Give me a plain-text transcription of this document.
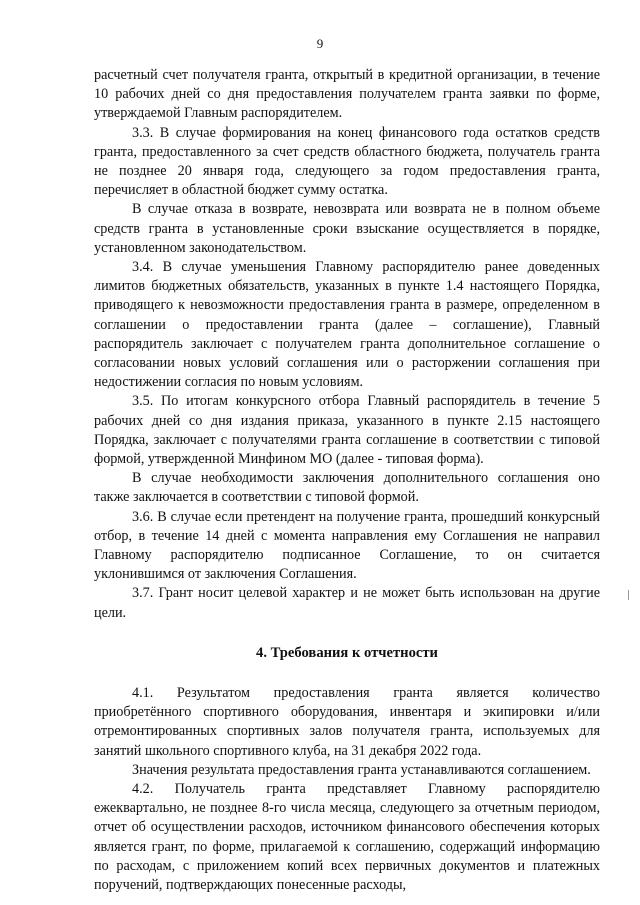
9

расчетный счет получателя гранта, открытый в кредитной организации, в течение 10 рабочих дней со дня предоставления получателем гранта заявки по форме, утверждаемой Главным распорядителем.

3.3. В случае формирования на конец финансового года остатков средств гранта, предоставленного за счет средств областного бюджета, получатель гранта не позднее 20 января года, следующего за годом предоставления гранта, перечисляет в областной бюджет сумму остатка.

В случае отказа в возврате, невозврата или возврата не в полном объеме средств гранта в установленные сроки взыскание осуществляется в порядке, установленном законодательством.

3.4. В случае уменьшения Главному распорядителю ранее доведенных лимитов бюджетных обязательств, указанных в пункте 1.4 настоящего Порядка, приводящего к невозможности предоставления гранта в размере, определенном в соглашении о предоставлении гранта (далее – соглашение), Главный распорядитель заключает с получателем гранта дополнительное соглашение о согласовании новых условий соглашения или о расторжении соглашения при недостижении согласия по новым условиям.

3.5. По итогам конкурсного отбора Главный распорядитель в течение 5 рабочих дней со дня издания приказа, указанного в пункте 2.15 настоящего Порядка, заключает с получателями гранта соглашение в соответствии с типовой формой, утвержденной Минфином МО (далее - типовая форма).

В случае необходимости заключения дополнительного соглашения оно также заключается в соответствии с типовой формой.

3.6. В случае если претендент на получение гранта, прошедший конкурсный отбор, в течение 14 дней с момента направления ему Соглашения не направил Главному распорядителю подписанное Соглашение, то он считается уклонившимся от заключения Соглашения.

3.7. Грант носит целевой характер и не может быть использован на другие цели.

4. Требования к отчетности

4.1. Результатом предоставления гранта является количество приобретённого спортивного оборудования, инвентаря и экипировки и/или отремонтированных спортивных залов получателя гранта, используемых для занятий школьного спортивного клуба, на 31 декабря 2022 года.

Значения результата предоставления гранта устанавливаются соглашением.

4.2. Получатель гранта представляет Главному распорядителю ежеквартально, не позднее 8-го числа месяца, следующего за отчетным периодом, отчет об осуществлении расходов, источником финансового обеспечения которых является грант, по форме, прилагаемой к соглашению, содержащий информацию по расходам, с приложением копий всех первичных документов и платежных поручений, подтверждающих понесенные расходы,
